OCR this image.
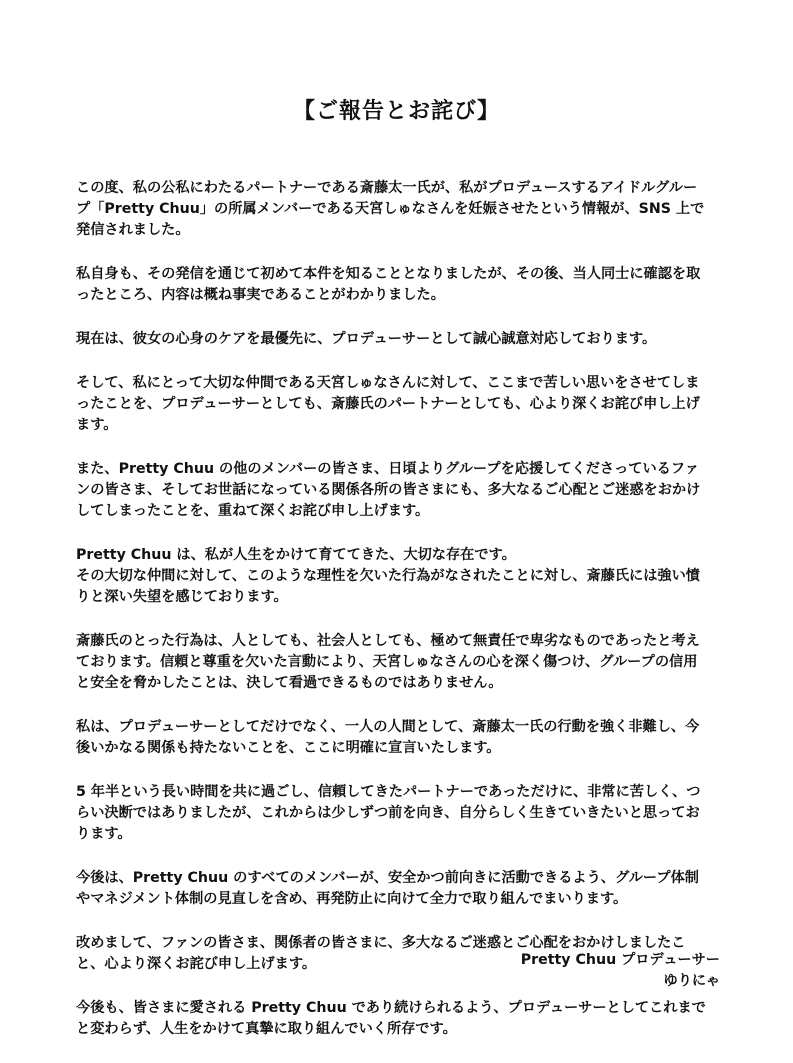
【ご報告とお詫び】

この度、私の公私にわたるパートナーである斎藤太一氏が、私がプロデュースするアイドルグルー
プ「Pretty Chuu」の所属メンバーである天宮しゅなさんを妊娠させたという情報が、SNS 上で
発信されました。

私自身も、その発信を通じて初めて本件を知ることとなりましたが、その後、当人同士に確認を取
ったところ、内容は概ね事実であることがわかりました。

現在は、彼女の心身のケアを最優先に、プロデューサーとして誠心誠意対応しております。

そして、私にとって大切な仲間である天宮しゅなさんに対して、ここまで苦しい思いをさせてしま
ったことを、プロデューサーとしても、斎藤氏のパートナーとしても、心より深くお詫び申し上げ
ます。

また、Pretty Chuu の他のメンバーの皆さま、日頃よりグループを応援してくださっているファ
ンの皆さま、そしてお世話になっている関係各所の皆さまにも、多大なるご心配とご迷惑をおかけ
してしまったことを、重ねて深くお詫び申し上げます。

Pretty Chuu は、私が人生をかけて育ててきた、大切な存在です。
その大切な仲間に対して、このような理性を欠いた行為がなされたことに対し、斎藤氏には強い憤
りと深い失望を感じております。

斎藤氏のとった行為は、人としても、社会人としても、極めて無責任で卑劣なものであったと考え
ております。信頼と尊重を欠いた言動により、天宮しゅなさんの心を深く傷つけ、グループの信用
と安全を脅かしたことは、決して看過できるものではありません。

私は、プロデューサーとしてだけでなく、一人の人間として、斎藤太一氏の行動を強く非難し、今
後いかなる関係も持たないことを、ここに明確に宣言いたします。

5 年半という長い時間を共に過ごし、信頼してきたパートナーであっただけに、非常に苦しく、つ
らい決断ではありましたが、これからは少しずつ前を向き、自分らしく生きていきたいと思ってお
ります。

今後は、Pretty Chuu のすべてのメンバーが、安全かつ前向きに活動できるよう、グループ体制
やマネジメント体制の見直しを含め、再発防止に向けて全力で取り組んでまいります。

改めまして、ファンの皆さま、関係者の皆さまに、多大なるご迷惑とご心配をおかけしましたこ
と、心より深くお詫び申し上げます。

今後も、皆さまに愛される Pretty Chuu であり続けられるよう、プロデューサーとしてこれまで
と変わらず、人生をかけて真摯に取り組んでいく所存です。

Pretty Chuu プロデューサー
ゆりにゃ
